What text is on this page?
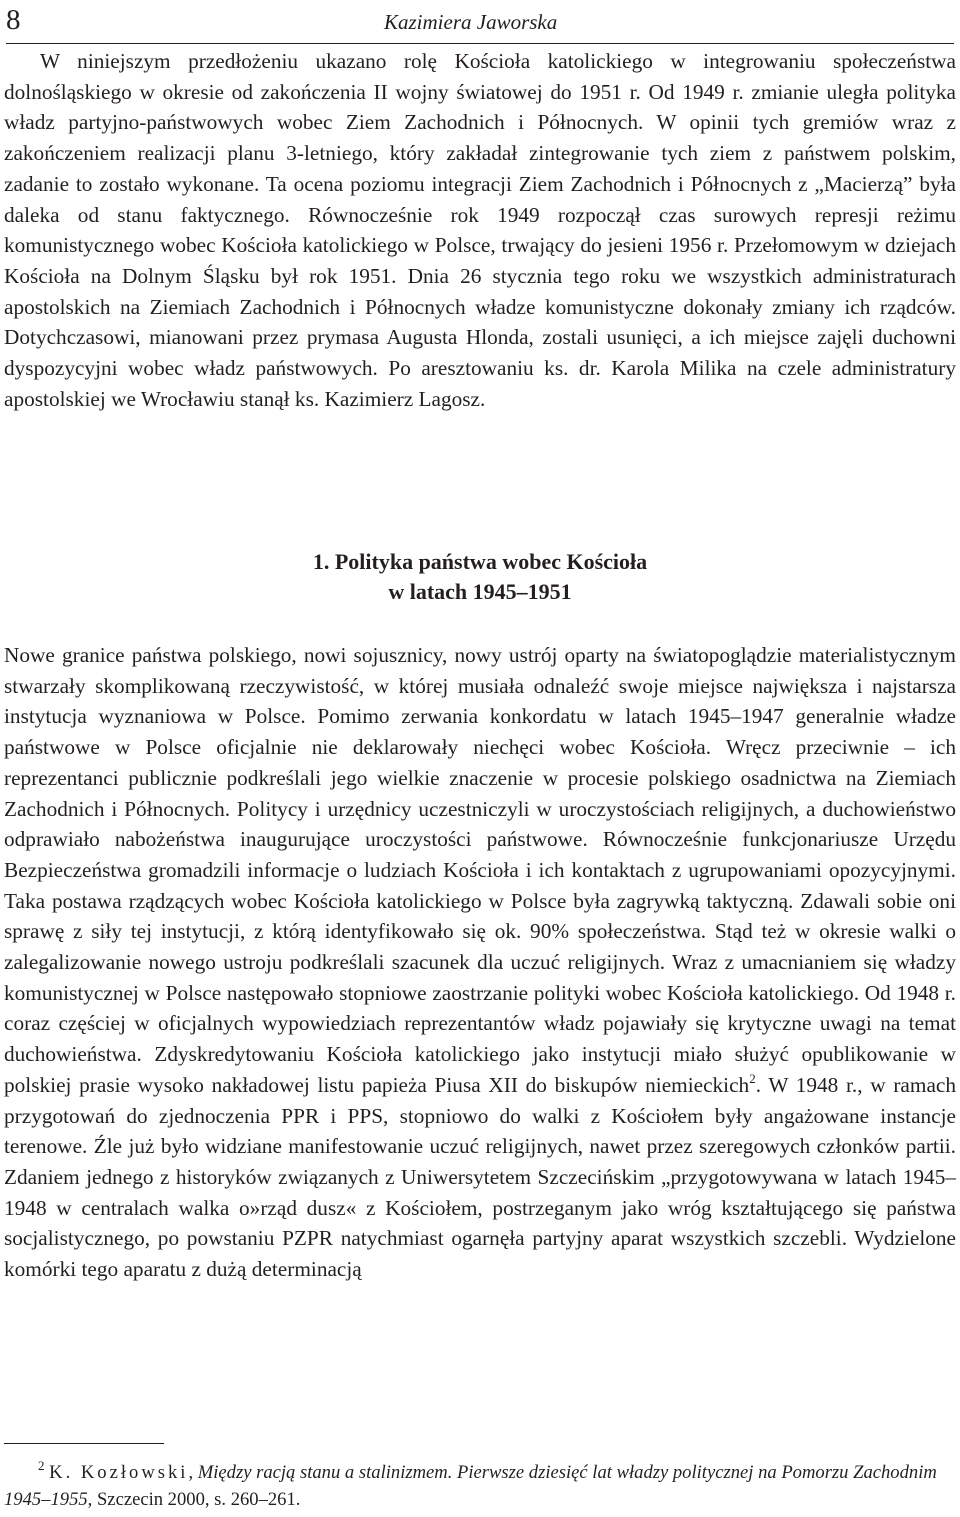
8	Kazimiera Jaworska

W niniejszym przedłożeniu ukazano rolę Kościoła katolickiego w integrowaniu społeczeństwa dolnośląskiego w okresie od zakończenia II wojny światowej do 1951 r. Od 1949 r. zmianie uległa polityka władz partyjno-państwowych wobec Ziem Zachodnich i Północnych. W opinii tych gremiów wraz z zakończeniem realizacji planu 3-letniego, który zakładał zintegrowanie tych ziem z państwem polskim, zadanie to zostało wykonane. Ta ocena poziomu integracji Ziem Zachodnich i Północnych z „Macierzą” była daleka od stanu faktycznego. Równocześnie rok 1949 rozpoczął czas surowych represji reżimu komunistycznego wobec Kościoła katolickiego w Polsce, trwający do jesieni 1956 r. Przełomowym w dziejach Kościoła na Dolnym Śląsku był rok 1951. Dnia 26 stycznia tego roku we wszystkich administraturach apostolskich na Ziemiach Zachodnich i Północnych władze komunistyczne dokonały zmiany ich rządców. Dotychczasowi, mianowani przez prymasa Augusta Hlonda, zostali usunięci, a ich miejsce zajęli duchowni dyspozycyjni wobec władz państwowych. Po aresztowaniu ks. dr. Karola Milika na czele administratury apostolskiej we Wrocławiu stanął ks. Kazimierz Lagosz.

1. Polityka państwa wobec Kościoła
w latach 1945–1951

Nowe granice państwa polskiego, nowi sojusznicy, nowy ustrój oparty na światopoglądzie materialistycznym stwarzały skomplikowaną rzeczywistość, w której musiała odnaleźć swoje miejsce największa i najstarsza instytucja wyznaniowa w Polsce. Pomimo zerwania konkordatu w latach 1945–1947 generalnie władze państwowe w Polsce oficjalnie nie deklarowały niechęci wobec Kościoła. Wręcz przeciwnie – ich reprezentanci publicznie podkreślali jego wielkie znaczenie w procesie polskiego osadnictwa na Ziemiach Zachodnich i Północnych. Politycy i urzędnicy uczestniczyli w uroczystościach religijnych, a duchowieństwo odprawiało nabożeństwa inaugurujące uroczystości państwowe. Równocześnie funkcjonariusze Urzędu Bezpieczeństwa gromadzili informacje o ludziach Kościoła i ich kontaktach z ugrupowaniami opozycyjnymi. Taka postawa rządzących wobec Kościoła katolickiego w Polsce była zagrywką taktyczną. Zdawali sobie oni sprawę z siły tej instytucji, z którą identyfikowało się ok. 90% społeczeństwa. Stąd też w okresie walki o zalegalizowanie nowego ustroju podkreślali szacunek dla uczuć religijnych. Wraz z umacnianiem się władzy komunistycznej w Polsce następowało stopniowe zaostrzanie polityki wobec Kościoła katolickiego. Od 1948 r. coraz częściej w oficjalnych wypowiedziach reprezentantów władz pojawiały się krytyczne uwagi na temat duchowieństwa. Zdyskredytowaniu Kościoła katolickiego jako instytucji miało służyć opublikowanie w polskiej prasie wysoko nakładowej listu papieża Piusa XII do biskupów niemieckich$^2$. W 1948 r., w ramach przygotowań do zjednoczenia PPR i PPS, stopniowo do walki z Kościołem były angażowane instancje terenowe. Źle już było widziane manifestowanie uczuć religijnych, nawet przez szeregowych członków partii. Zdaniem jednego z historyków związanych z Uniwersytetem Szczecińskim „przygotowywana w latach 1945–1948 w centralach walka o»rząd dusz« z Kościołem, postrzeganym jako wróg kształtującego się państwa socjalistycznego, po powstaniu PZPR natychmiast ogarnęła partyjny aparat wszystkich szczebli. Wydzielone komórki tego aparatu z dużą determinacją

$^2$ K. Kozłowski, Między racją stanu a stalinizmem. Pierwsze dziesięć lat władzy politycznej na Pomorzu Zachodnim 1945–1955, Szczecin 2000, s. 260–261.
